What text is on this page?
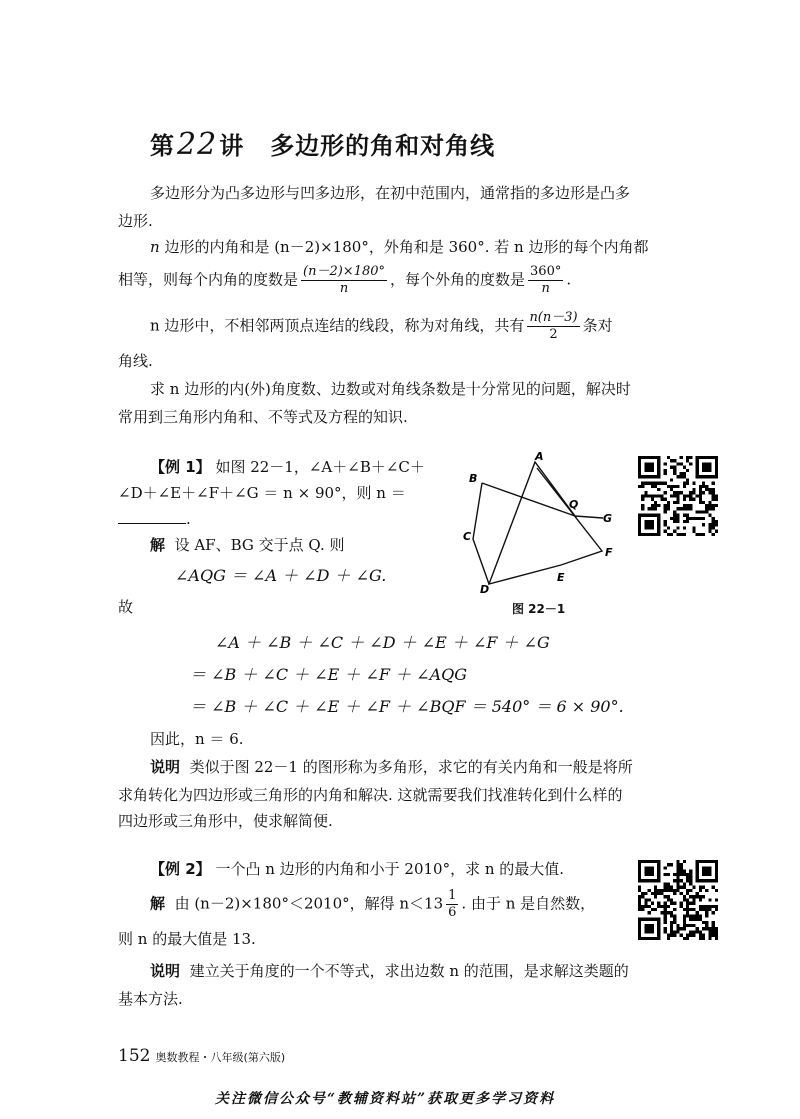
第22讲 多边形的角和对角线
多边形分为凸多边形与凹多边形，在初中范围内，通常指的多边形是凸多
边形.
n 边形的内角和是 (n－2)×180°，外角和是 360°. 若 n 边形的每个内角都
相等，则每个内角的度数是 $\frac{(n-2)\times 180^\circ}{n}$ ，每个外角的度数是 $\frac{360^\circ}{n}$ .
n 边形中，不相邻两顶点连结的线段，称为对角线，共有 $\frac{n(n-3)}{2}$ 条对
角线.
求 n 边形的内(外)角度数、边数或对角线条数是十分常见的问题，解决时
常用到三角形内角和、不等式及方程的知识.
【例 1】 如图 22－1，∠A＋∠B＋∠C＋
∠D＋∠E＋∠F＋∠G ＝ n × 90°，则 n ＝
.
解 设 AF、BG 交于点 Q. 则
∠AQG ＝ ∠A ＋ ∠D ＋ ∠G.
故
∠A ＋ ∠B ＋ ∠C ＋ ∠D ＋ ∠E ＋ ∠F ＋ ∠G
＝ ∠B ＋ ∠C ＋ ∠E ＋ ∠F ＋ ∠AQG
＝ ∠B ＋ ∠C ＋ ∠E ＋ ∠F ＋ ∠BQF ＝ 540° ＝ 6 × 90°.
因此，n ＝ 6.
说明 类似于图 22－1 的图形称为多角形，求它的有关内角和一般是将所
求角转化为四边形或三角形的内角和解决. 这就需要我们找准转化到什么样的
四边形或三角形中，使求解简便.
A
B
C
D
E
F
G
Q
图 22－1
【例 2】 一个凸 n 边形的内角和小于 2010°，求 n 的最大值.
解 由 (n－2)×180°＜2010°，解得 $n<13 \frac{1}{6}$ . 由于 n 是自然数，
则 n 的最大值是 13.
说明 建立关于角度的一个不等式，求出边数 n 的范围，是求解这类题的
基本方法.
152 奥数教程・八年级(第六版)
关注微信公众号“教辅资料站”获取更多学习资料
